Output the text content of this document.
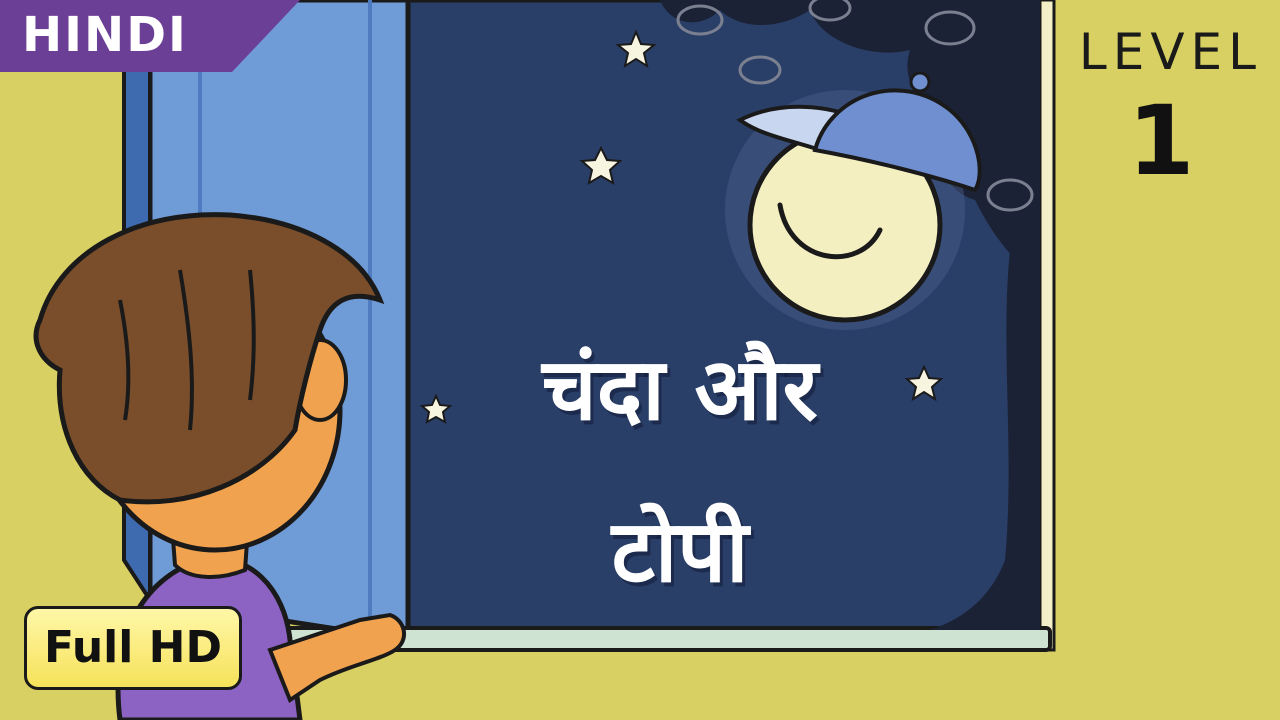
HINDI	LEVEL
1
चंदा और
टोपी
Full HD
